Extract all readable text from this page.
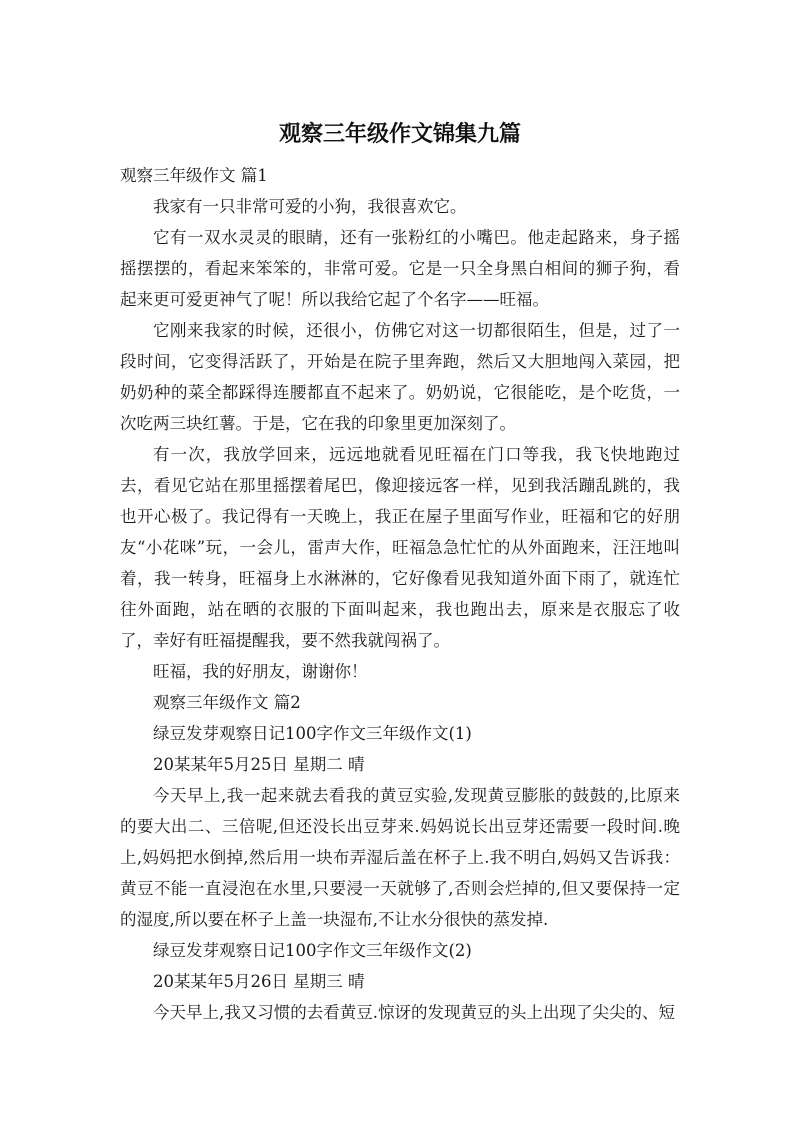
观察三年级作文锦集九篇

观察三年级作文 篇1

我家有一只非常可爱的小狗，我很喜欢它。

它有一双水灵灵的眼睛，还有一张粉红的小嘴巴。他走起路来，身子摇摇摆摆的，看起来笨笨的，非常可爱。它是一只全身黑白相间的狮子狗，看起来更可爱更神气了呢！所以我给它起了个名字——旺福。

它刚来我家的时候，还很小，仿佛它对这一切都很陌生，但是，过了一段时间，它变得活跃了，开始是在院子里奔跑，然后又大胆地闯入菜园，把奶奶种的菜全都踩得连腰都直不起来了。奶奶说，它很能吃，是个吃货，一次吃两三块红薯。于是，它在我的印象里更加深刻了。

有一次，我放学回来，远远地就看见旺福在门口等我，我飞快地跑过去，看见它站在那里摇摆着尾巴，像迎接远客一样，见到我活蹦乱跳的，我也开心极了。我记得有一天晚上，我正在屋子里面写作业，旺福和它的好朋友“小花咪”玩，一会儿，雷声大作，旺福急急忙忙的从外面跑来，汪汪地叫着，我一转身，旺福身上水淋淋的，它好像看见我知道外面下雨了，就连忙往外面跑，站在晒的衣服的下面叫起来，我也跑出去，原来是衣服忘了收了，幸好有旺福提醒我，要不然我就闯祸了。

旺福，我的好朋友，谢谢你！

观察三年级作文 篇2

绿豆发芽观察日记100字作文三年级作文(1)

20某某年5月25日 星期二 晴

今天早上,我一起来就去看我的黄豆实验,发现黄豆膨胀的鼓鼓的,比原来的要大出二、三倍呢,但还没长出豆芽来.妈妈说长出豆芽还需要一段时间.晚上,妈妈把水倒掉,然后用一块布弄湿后盖在杯子上.我不明白,妈妈又告诉我：黄豆不能一直浸泡在水里,只要浸一天就够了,否则会烂掉的,但又要保持一定的湿度,所以要在杯子上盖一块湿布,不让水分很快的蒸发掉.

绿豆发芽观察日记100字作文三年级作文(2)

20某某年5月26日 星期三 晴

今天早上,我又习惯的去看黄豆.惊讶的发现黄豆的头上出现了尖尖的、短
